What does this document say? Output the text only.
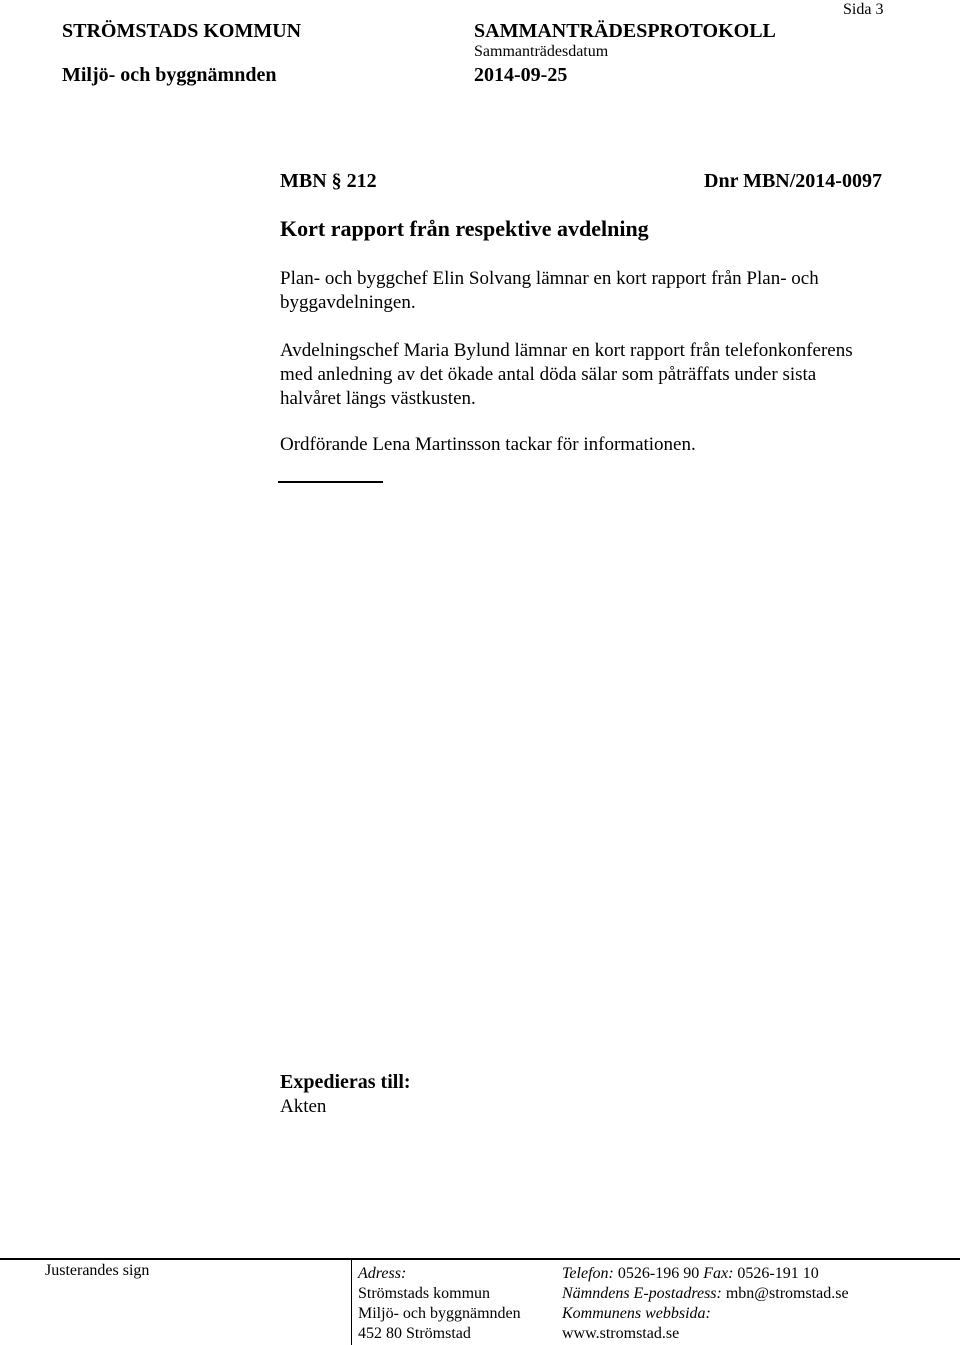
STRÖMSTADS KOMMUN	SAMMANTRÄDESPROTOKOLL
Sida 3
Miljö- och byggnämnden
Sammanträdesdatum
2014-09-25
MBN § 212	Dnr MBN/2014-0097
Kort rapport från respektive avdelning
Plan- och byggchef Elin Solvang lämnar en kort rapport från Plan- och
byggavdelningen.
Avdelningschef Maria Bylund lämnar en kort rapport från telefonkonferens
med anledning av det ökade antal döda sälar som påträffats under sista
halvåret längs västkusten.
Ordförande Lena Martinsson tackar för informationen.
Expedieras till:
Akten
Justerandes sign	Adress:
Strömstads kommun
Miljö- och byggnämnden
452 80 Strömstad
Telefon: 0526-196 90 Fax: 0526-191 10
Nämndens E-postadress: mbn@stromstad.se
Kommunens webbsida:
www.stromstad.se
